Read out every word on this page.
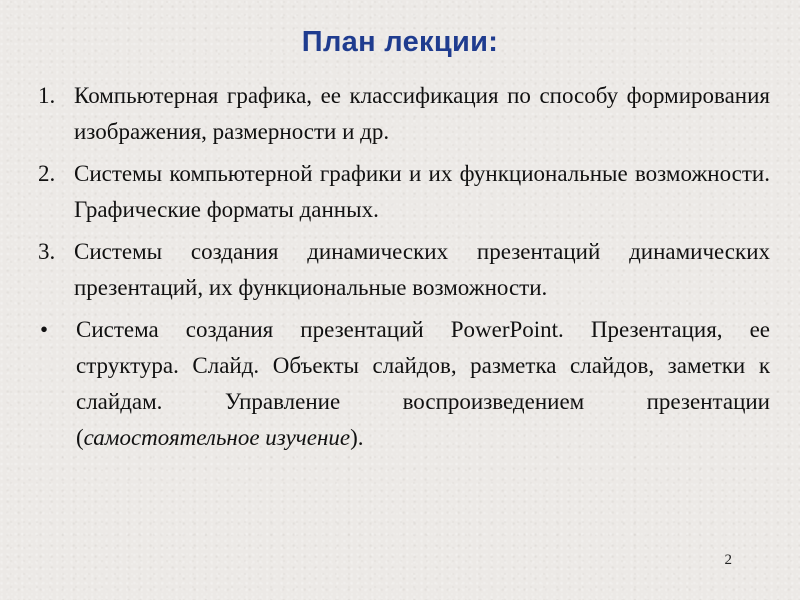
План лекции:
1. Компьютерная графика, ее классификация по способу формирования изображения, размерности и др.
2. Системы компьютерной графики и их функциональные возможности. Графические форматы данных.
3. Системы создания динамических презентаций динамических презентаций, их функциональные возможности.
•	Система создания презентаций PowerPoint. Презентация, ее структура. Слайд. Объекты слайдов, разметка слайдов, заметки к слайдам. Управление воспроизведением презентации (самостоятельное изучение).
2
